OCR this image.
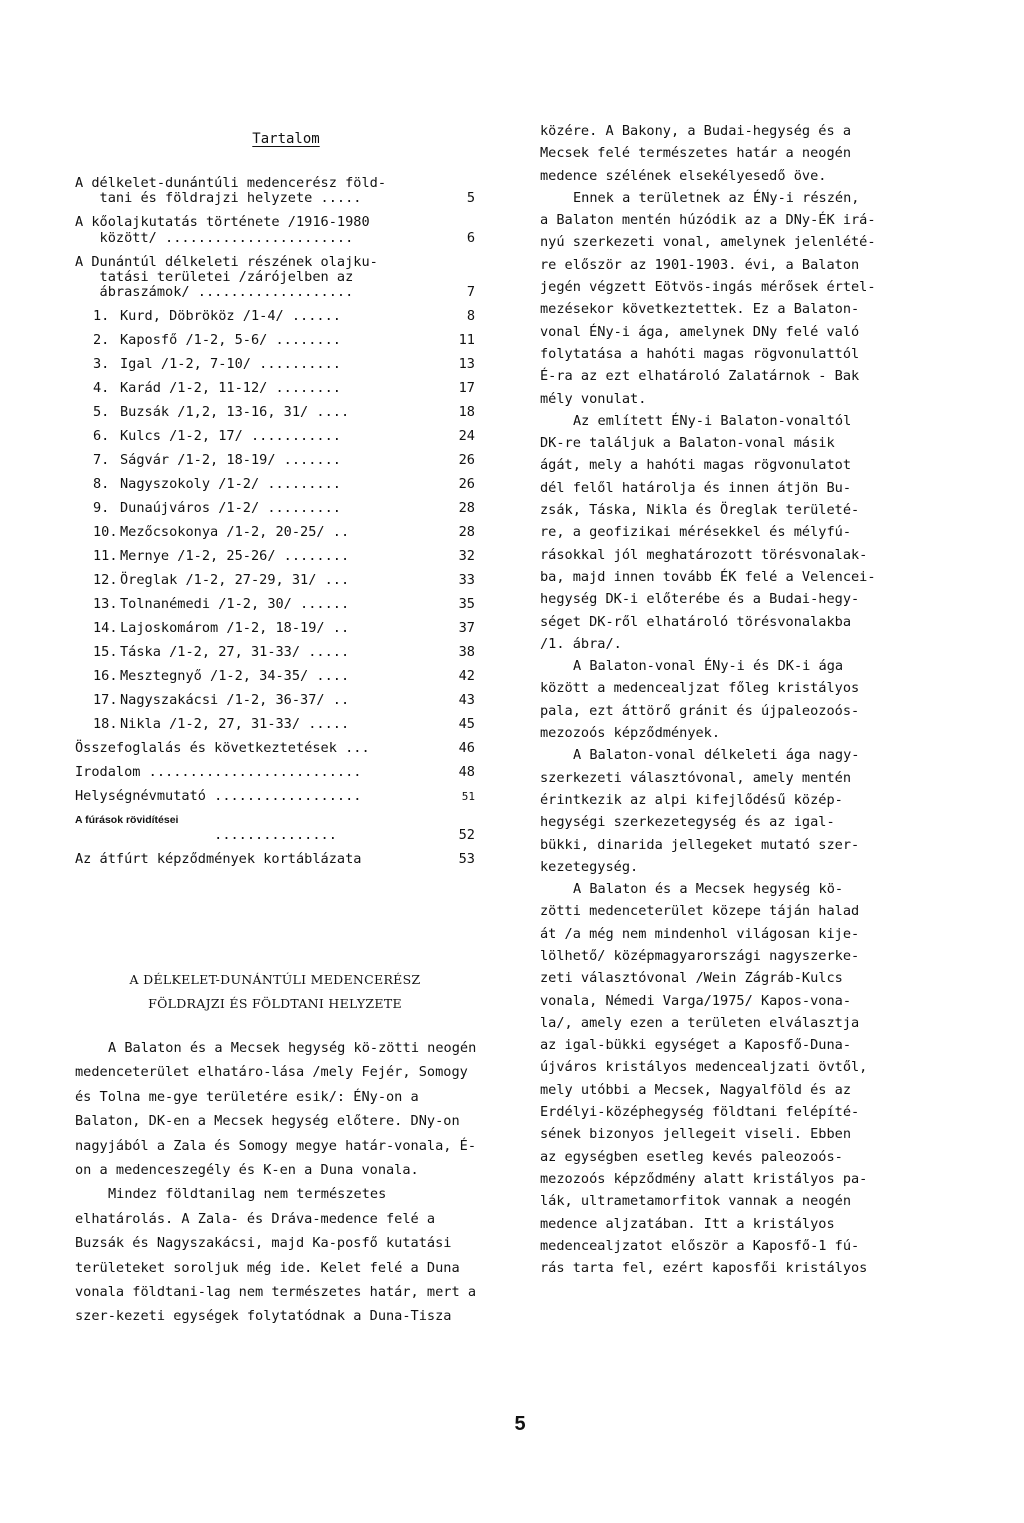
Tartalom
A délkelet-dunántúli medencerész föld-
tani és földrajzi helyzete .....	5
A kőolajkutatás története /1916-1980
között/ .......................	6
A Dunántúl délkeleti részének olajku-
tatási területei /zárójelben az
ábraszámok/ ...................	7
1. Kurd, Döbrököz /1-4/ ......	8
2. Kaposfő /1-2, 5-6/ ........	11
3. Igal /1-2, 7-10/ ..........	13
4. Karád /1-2, 11-12/ ........	17
5. Buzsák /1,2, 13-16, 31/ ....	18
6. Kulcs /1-2, 17/ ...........	24
7. Ságvár /1-2, 18-19/ .......	26
8. Nagyszokoly /1-2/ .........	26
9. Dunaújváros /1-2/ .........	28
10. Mezőcsokonya /1-2, 20-25/ ..	28
11. Mernye /1-2, 25-26/ ........	32
12. Öreglak /1-2, 27-29, 31/ ...	33
13. Tolnanémedi /1-2, 30/ ......	35
14. Lajoskomárom /1-2, 18-19/ ..	37
15. Táska /1-2, 27, 31-33/ .....	38
16. Mesztegnyő /1-2, 34-35/ ....	42
17. Nagyszakácsi /1-2, 36-37/ ..	43
18. Nikla /1-2, 27, 31-33/ .....	45
Összefoglalás és következtetések ...	46
Irodalom ..........................	48
Helységnévmutató ..................	51
A fúrások rövidítései
...............	52
Az átfúrt képződmények kortáblázata	53
A DÉLKELET-DUNÁNTÚLI MEDENCERÉSZ
FÖLDRAJZI ÉS FÖLDTANI HELYZETE

A Balaton és a Mecsek hegység kö-zötti neogén medenceterület elhatáro-lása /mely Fejér, Somogy és Tolna me-gye területére esik/: ÉNy-on a Balaton, DK-en a Mecsek hegység előtere. DNy-on nagyjából a Zala és Somogy megye határ-vonala, É-on a medenceszegély és K-en a Duna vonala.

Mindez földtanilag nem természetes elhatárolás. A Zala- és Dráva-medence felé a Buzsák és Nagyszakácsi, majd Ka-posfő kutatási területeket soroljuk még ide. Kelet felé a Duna vonala földtani-lag nem természetes határ, mert a szer-kezeti egységek folytatódnak a Duna-Tisza

közére. A Bakony, a Budai-hegység és a
Mecsek felé természetes határ a neogén
medence szélének elsekélyesedő öve.
Ennek a területnek az ÉNy-i részén,
a Balaton mentén húzódik az a DNy-ÉK irá-
nyú szerkezeti vonal, amelynek jelenlété-
re először az 1901-1903. évi, a Balaton
jegén végzett Eötvös-ingás mérősek értel-
mezésekor következtettek. Ez a Balaton-
vonal ÉNy-i ága, amelynek DNy felé való
folytatása a hahóti magas rögvonulattól
É-ra az ezt elhatároló Zalatárnok - Bak
mély vonulat.
Az említett ÉNy-i Balaton-vonaltól
DK-re találjuk a Balaton-vonal másik
ágát, mely a hahóti magas rögvonulatot
dél felől határolja és innen átjön Bu-
zsák, Táska, Nikla és Öreglak területé-
re, a geofizikai mérésekkel és mélyfú-
rásokkal jól meghatározott törésvonalak-
ba, majd innen tovább ÉK felé a Velencei-
hegység DK-i előterébe és a Budai-hegy-
séget DK-ről elhatároló törésvonalakba
/1. ábra/.
A Balaton-vonal ÉNy-i és DK-i ága
között a medencealjzat főleg kristályos
pala, ezt áttörő gránit és újpaleozoós-
mezozoós képződmények.
A Balaton-vonal délkeleti ága nagy-
szerkezeti választóvonal, amely mentén
érintkezik az alpi kifejlődésű közép-
hegységi szerkezetegység és az igal-
bükki, dinarida jellegeket mutató szer-
kezetegység.
A Balaton és a Mecsek hegység kö-
zötti medenceterület közepe táján halad
át /a még nem mindenhol világosan kije-
lölhető/ középmagyarországi nagyszerke-
zeti választóvonal /Wein Zágráb-Kulcs
vonala, Némedi Varga/1975/ Kapos-vona-
la/, amely ezen a területen elválasztja
az igal-bükki egységet a Kaposfő-Duna-
újváros kristályos medencealjzati övtől,
mely utóbbi a Mecsek, Nagyalföld és az
Erdélyi-középhegység földtani felépíté-
sének bizonyos jellegeit viseli. Ebben
az egységben esetleg kevés paleozoós-
mezozoós képződmény alatt kristályos pa-
lák, ultrametamorfitok vannak a neogén
medence aljzatában. Itt a kristályos
medencealjzatot először a Kaposfő-1 fú-
rás tarta fel, ezért kaposfői kristályos
5
